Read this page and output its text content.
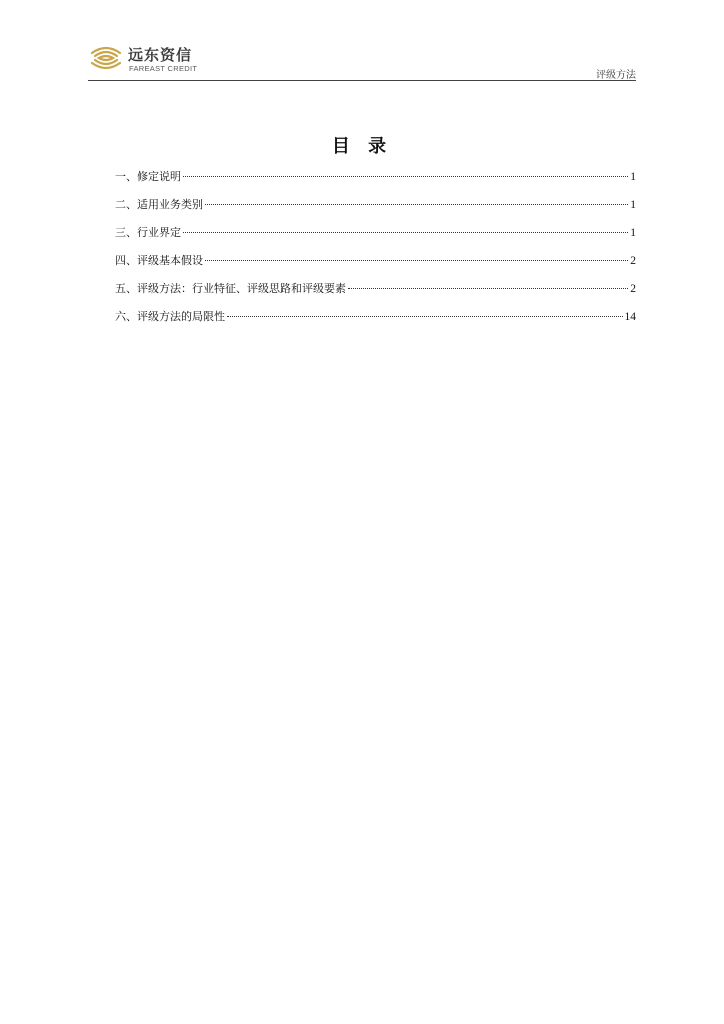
远东资信
FAREAST CREDIT
评级方法
目 录
一、修定说明	1
二、适用业务类别	1
三、行业界定	1
四、评级基本假设	2
五、评级方法：行业特征、评级思路和评级要素	2
六、评级方法的局限性	14
